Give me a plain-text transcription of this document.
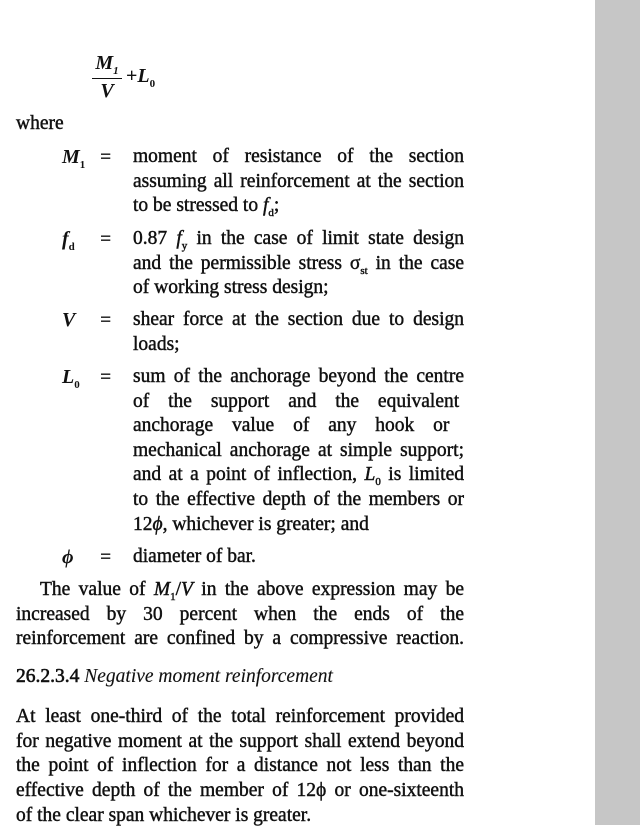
$M_1$
V
$+L_0$
where
$M_1$ = moment of resistance of the section
assuming all reinforcement at the section
to be stressed to $f_d$;
$f_d = 0.87$ $f_y$ in the case of limit state design
and the permissible stress $\sigma_{st}$ in the case
of working stress design;
V = shear force at the section due to design
loads;
$L_0$ = sum of the anchorage beyond the centre
of the support and the equivalent
anchorage value of any hook or
mechanical anchorage at simple support;
and at a point of inflection, $L_0$ is limited
to the effective depth of the members or
12ϕ, whichever is greater; and
ϕ = diameter of bar.
The value of $M_1/V$ in the above expression may be
increased by 30 percent when the ends of the
reinforcement are confined by a compressive reaction.
26.2.3.4 Negative moment reinforcement
At least one-third of the total reinforcement provided
for negative moment at the support shall extend beyond
the point of inflection for a distance not less than the
effective depth of the member of 12ϕ or one-sixteenth
of the clear span whichever is greater.
